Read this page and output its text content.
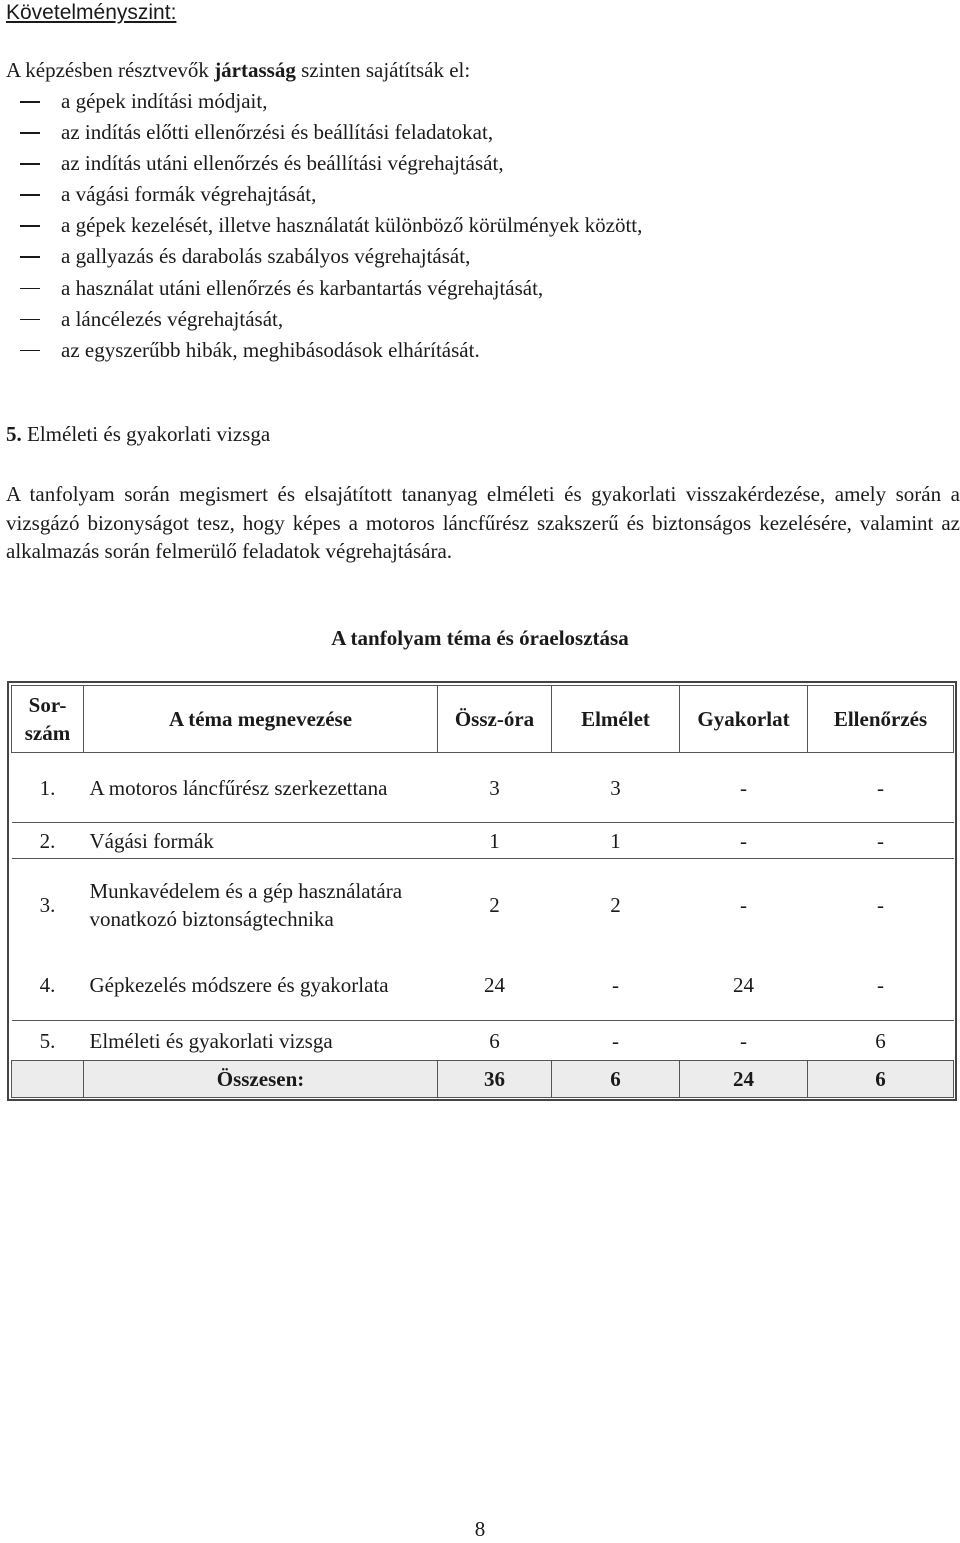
Követelményszint:
A képzésben résztvevők jártasság szinten sajátítsák el:
a gépek indítási módjait,
az indítás előtti ellenőrzési és beállítási feladatokat,
az indítás utáni ellenőrzés és beállítási végrehajtását,
a vágási formák végrehajtását,
a gépek kezelését, illetve használatát különböző körülmények között,
a gallyazás és darabolás szabályos végrehajtását,
a használat utáni ellenőrzés és karbantartás végrehajtását,
a láncélezés végrehajtását,
az egyszerűbb hibák, meghibásodások elhárítását.
5. Elméleti és gyakorlati vizsga
A tanfolyam során megismert és elsajátított tananyag elméleti és gyakorlati visszakérdezése, amely során a vizsgázó bizonyságot tesz, hogy képes a motoros láncfűrész szakszerű és biztonságos kezelésére, valamint az alkalmazás során felmerülő feladatok végrehajtására.
A tanfolyam téma és óraelosztása
Sor-szám	A téma megnevezése	Össz-óra	Elmélet	Gyakorlat	Ellenőrzés
1.	A motoros láncfűrész szerkezettana	3	3	-	-
2.	Vágási formák	1	1	-	-
3.	Munkavédelem és a gép használatára vonatkozó biztonságtechnika	2	2	-	-
4.	Gépkezelés módszere és gyakorlata	24	-	24	-
5.	Elméleti és gyakorlati vizsga	6	-	-	6
	Összesen:	36	6	24	6
8
